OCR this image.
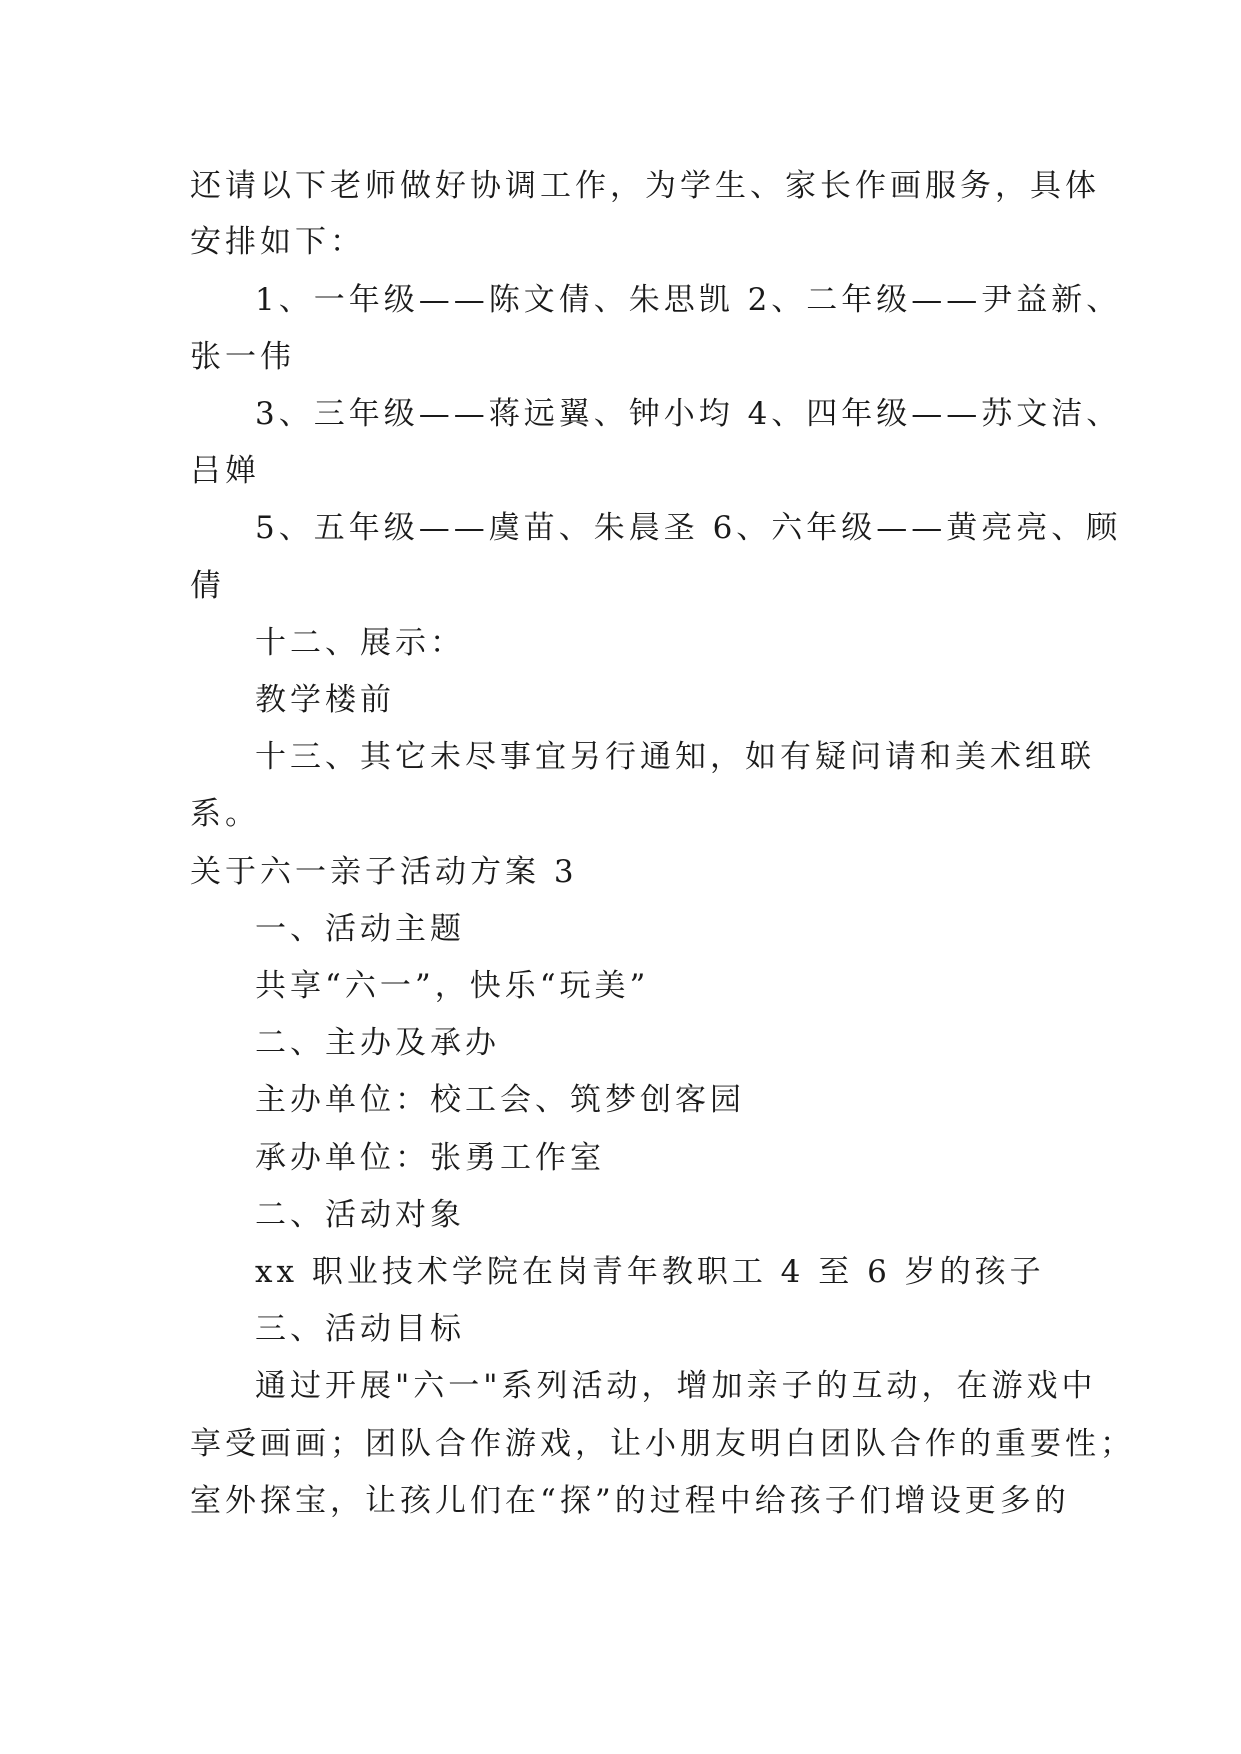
还请以下老师做好协调工作，为学生、家长作画服务，具体
安排如下：
1、一年级——陈文倩、朱思凯 2、二年级——尹益新、
张一伟
3、三年级——蒋远翼、钟小均 4、四年级——苏文洁、
吕婵
5、五年级——虞苗、朱晨圣 6、六年级——黄亮亮、顾
倩
十二、展示：
教学楼前
十三、其它未尽事宜另行通知，如有疑问请和美术组联
系。
关于六一亲子活动方案 3
一、活动主题
共享“六一”，快乐“玩美”
二、主办及承办
主办单位：校工会、筑梦创客园
承办单位：张勇工作室
二、活动对象
xx 职业技术学院在岗青年教职工 4 至 6 岁的孩子
三、活动目标
通过开展"六一"系列活动，增加亲子的互动，在游戏中
享受画画；团队合作游戏，让小朋友明白团队合作的重要性；
室外探宝，让孩儿们在“探”的过程中给孩子们增设更多的
